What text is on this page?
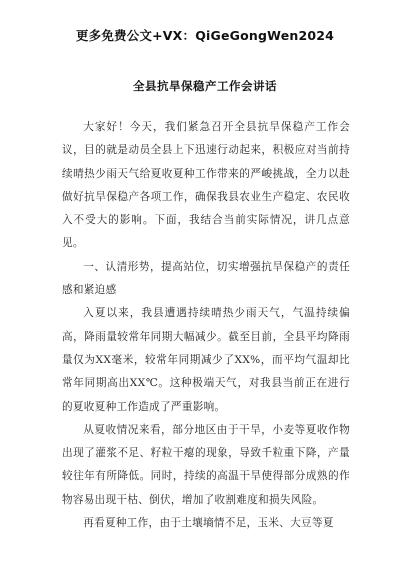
更多免费公文+VX：QiGeGongWen2024
全县抗旱保稳产工作会讲话

大家好！今天，我们紧急召开全县抗旱保稳产工作会议，目的就是动员全县上下迅速行动起来，积极应对当前持续晴热少雨天气给夏收夏种工作带来的严峻挑战，全力以赴做好抗旱保稳产各项工作，确保我县农业生产稳定、农民收入不受大的影响。下面，我结合当前实际情况，讲几点意见。

一、认清形势，提高站位，切实增强抗旱保稳产的责任感和紧迫感

入夏以来，我县遭遇持续晴热少雨天气，气温持续偏高，降雨量较常年同期大幅减少。截至目前，全县平均降雨量仅为XX毫米，较常年同期减少了XX%，而平均气温却比常年同期高出XX℃。这种极端天气，对我县当前正在进行的夏收夏种工作造成了严重影响。

从夏收情况来看，部分地区由于干旱，小麦等夏收作物出现了灌浆不足、籽粒干瘪的现象，导致千粒重下降，产量较往年有所降低。同时，持续的高温干旱使得部分成熟的作物容易出现干枯、倒伏，增加了收割难度和损失风险。

再看夏种工作，由于土壤墒情不足，玉米、大豆等夏
